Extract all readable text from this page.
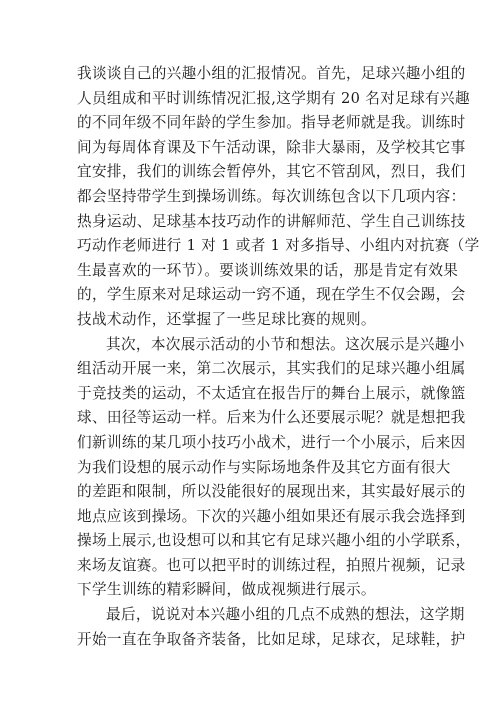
我谈谈自己的兴趣小组的汇报情况。首先，足球兴趣小组的
人员组成和平时训练情况汇报,这学期有 20 名对足球有兴趣
的不同年级不同年龄的学生参加。指导老师就是我。训练时
间为每周体育课及下午活动课，除非大暴雨，及学校其它事
宜安排，我们的训练会暂停外，其它不管刮风，烈日，我们
都会坚持带学生到操场训练。每次训练包含以下几项内容：
热身运动、足球基本技巧动作的讲解师范、学生自己训练技
巧动作老师进行 1 对 1 或者 1 对多指导、小组内对抗赛（学
生最喜欢的一环节）。要谈训练效果的话，那是肯定有效果
的，学生原来对足球运动一窍不通，现在学生不仅会踢，会
技战术动作，还掌握了一些足球比赛的规则。
其次，本次展示活动的小节和想法。这次展示是兴趣小
组活动开展一来，第二次展示，其实我们的足球兴趣小组属
于竞技类的运动，不太适宜在报告厅的舞台上展示，就像篮
球、田径等运动一样。后来为什么还要展示呢？就是想把我
们新训练的某几项小技巧小战术，进行一个小展示，后来因
为我们设想的展示动作与实际场地条件及其它方面有很大
的差距和限制，所以没能很好的展现出来，其实最好展示的
地点应该到操场。下次的兴趣小组如果还有展示我会选择到
操场上展示,也设想可以和其它有足球兴趣小组的小学联系，
来场友谊赛。也可以把平时的训练过程，拍照片视频，记录
下学生训练的精彩瞬间，做成视频进行展示。
最后，说说对本兴趣小组的几点不成熟的想法，这学期
开始一直在争取备齐装备，比如足球，足球衣，足球鞋，护
